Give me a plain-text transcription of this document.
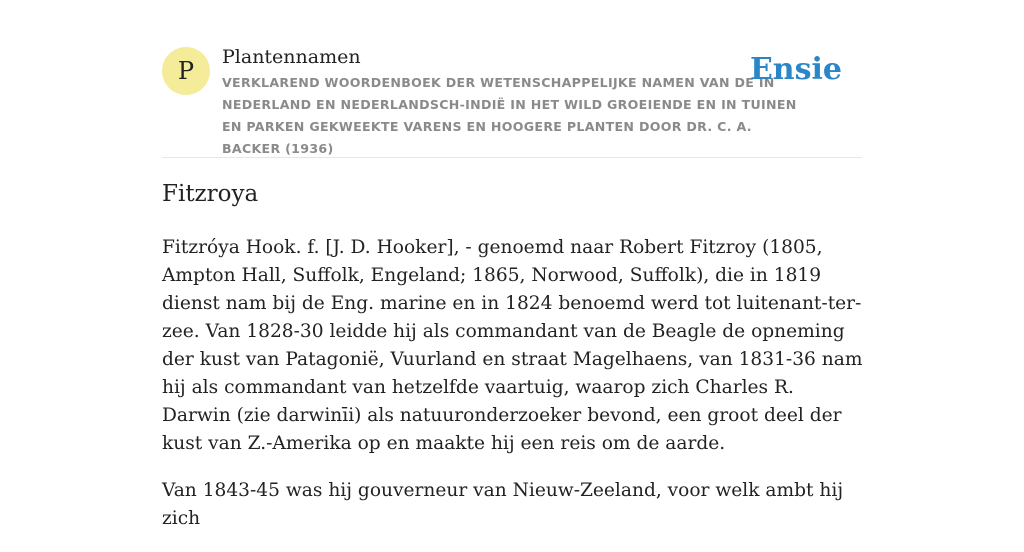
P	Plantennamen
VERKLAREND WOORDENBOEK DER WETENSCHAPPELIJKE NAMEN VAN DE IN NEDERLAND EN NEDERLANDSCH-INDIË IN HET WILD GROEIENDE EN IN TUINEN EN PARKEN GEKWEEKTE VARENS EN HOOGERE PLANTEN DOOR DR. C. A. BACKER (1936)
Ensie
Fitzroya

Fitzróya Hook. f. [J. D. Hooker], - genoemd naar Robert Fitzroy (1805, Ampton Hall, Suffolk, Engeland; 1865, Norwood, Suffolk), die in 1819 dienst nam bij de Eng. marine en in 1824 benoemd werd tot luitenant-ter-zee. Van 1828-30 leidde hij als commandant van de Beagle de opneming der kust van Patagonië, Vuurland en straat Magelhaens, van 1831-36 nam hij als commandant van hetzelfde vaartuig, waarop zich Charles R. Darwin (zie darwinīi) als natuuronderzoeker bevond, een groot deel der kust van Z.-Amerika op en maakte hij een reis om de aarde.

Van 1843-45 was hij gouverneur van Nieuw-Zeeland, voor welk ambt hij zich
